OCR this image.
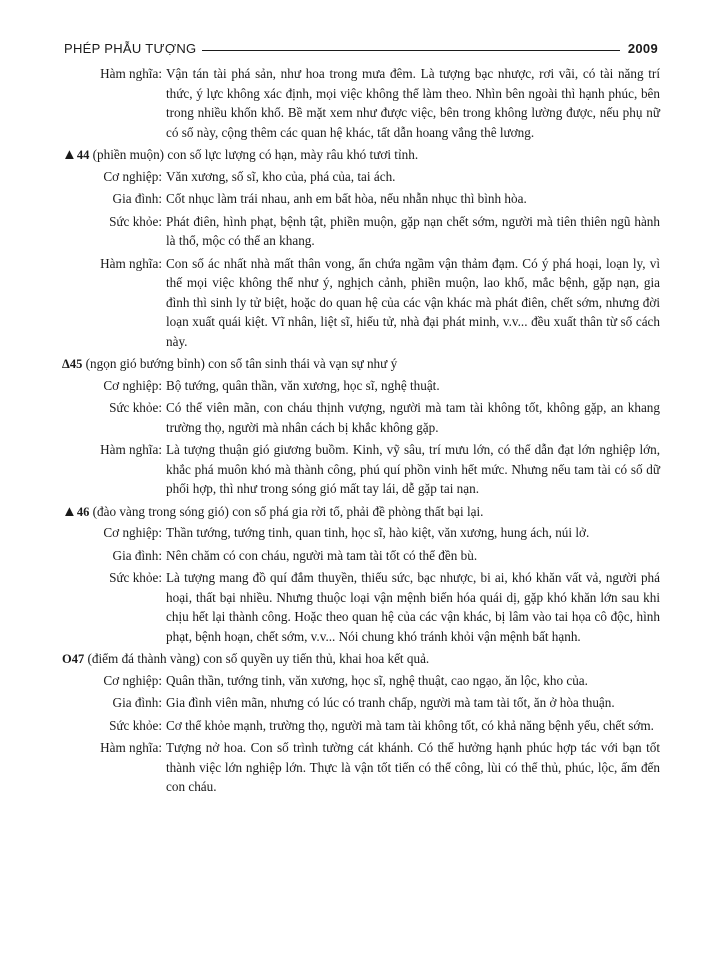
PHÉP PHẪU TƯỢNG	2009
Hàm nghĩa: Vận tán tài phá sản, như hoa trong mưa đêm. Là tượng bạc nhược, rơi vãi, có tài năng trí thức, ý lực không xác định, mọi việc không thể làm theo. Nhìn bên ngoài thì hạnh phúc, bên trong nhiều khốn khổ. Bề mặt xem như được việc, bên trong không lường được, nếu phụ nữ có số này, cộng thêm các quan hệ khác, tất dẫn hoang vắng thê lương.
▲44 (phiền muộn) con số lực lượng có hạn, mày râu khó tươi tỉnh.
Cơ nghiệp: Văn xương, số sĩ, kho của, phá của, tai ách.
Gia đình: Cốt nhục làm trái nhau, anh em bất hòa, nếu nhẫn nhục thì bình hòa.
Sức khỏe: Phát điên, hình phạt, bệnh tật, phiền muộn, gặp nạn chết sớm, người mà tiên thiên ngũ hành là thổ, mộc có thể an khang.
Hàm nghĩa: Con số ác nhất nhà mất thân vong, ẩn chứa ngầm vận thảm đạm. Có ý phá hoại, loạn ly, vì thế mọi việc không thể như ý, nghịch cảnh, phiền muộn, lao khổ, mắc bệnh, gặp nạn, gia đình thì sinh ly tử biệt, hoặc do quan hệ của các vận khác mà phát điên, chết sớm, nhưng đời loạn xuất quái kiệt. Vĩ nhân, liệt sĩ, hiếu tử, nhà đại phát minh, v.v... đều xuất thân từ số cách này.
Δ45 (ngọn gió bướng bỉnh) con số tân sinh thái và vạn sự như ý
Cơ nghiệp: Bộ tướng, quân thần, văn xương, học sĩ, nghệ thuật.
Sức khỏe: Có thể viên mãn, con cháu thịnh vượng, người mà tam tài không tốt, không gặp, an khang trường thọ, người mà nhân cách bị khắc không gặp.
Hàm nghĩa: Là tượng thuận gió giương buồm. Kinh, vỹ sâu, trí mưu lớn, có thể dẫn đạt lớn nghiệp lớn, khắc phá muôn khó mà thành công, phú quí phồn vinh hết mức. Nhưng nếu tam tài có số dữ phối hợp, thì như trong sóng gió mất tay lái, dễ gặp tai nạn.
▲46 (đào vàng trong sóng gió) con số phá gia rời tổ, phải đề phòng thất bại lại.
Cơ nghiệp: Thần tướng, tướng tinh, quan tinh, học sĩ, hào kiệt, văn xương, hung ách, núi lở.
Gia đình: Nên chăm có con cháu, người mà tam tài tốt có thể đền bù.
Sức khỏe: Là tượng mang đồ quí đắm thuyền, thiếu sức, bạc nhược, bi ai, khó khăn vất vả, người phá hoại, thất bại nhiều. Nhưng thuộc loại vận mệnh biến hóa quái dị, gặp khó khăn lớn sau khi chịu hết lại thành công. Hoặc theo quan hệ của các vận khác, bị lâm vào tai họa cô độc, hình phạt, bệnh hoạn, chết sớm, v.v... Nói chung khó tránh khỏi vận mệnh bất hạnh.
O47 (điểm đá thành vàng) con số quyền uy tiến thủ, khai hoa kết quả.
Cơ nghiệp: Quân thần, tướng tinh, văn xương, học sĩ, nghệ thuật, cao ngạo, ăn lộc, kho của.
Gia đình: Gia đình viên mãn, nhưng có lúc có tranh chấp, người mà tam tài tốt, ăn ở hòa thuận.
Sức khỏe: Cơ thể khỏe mạnh, trường thọ, người mà tam tài không tốt, có khả năng bệnh yếu, chết sớm.
Hàm nghĩa: Tượng nở hoa. Con số trình tường cát khánh. Có thể hưởng hạnh phúc hợp tác với bạn tốt thành việc lớn nghiệp lớn. Thực là vận tốt tiến có thể công, lùi có thể thủ, phúc, lộc, ấm đến con cháu.
